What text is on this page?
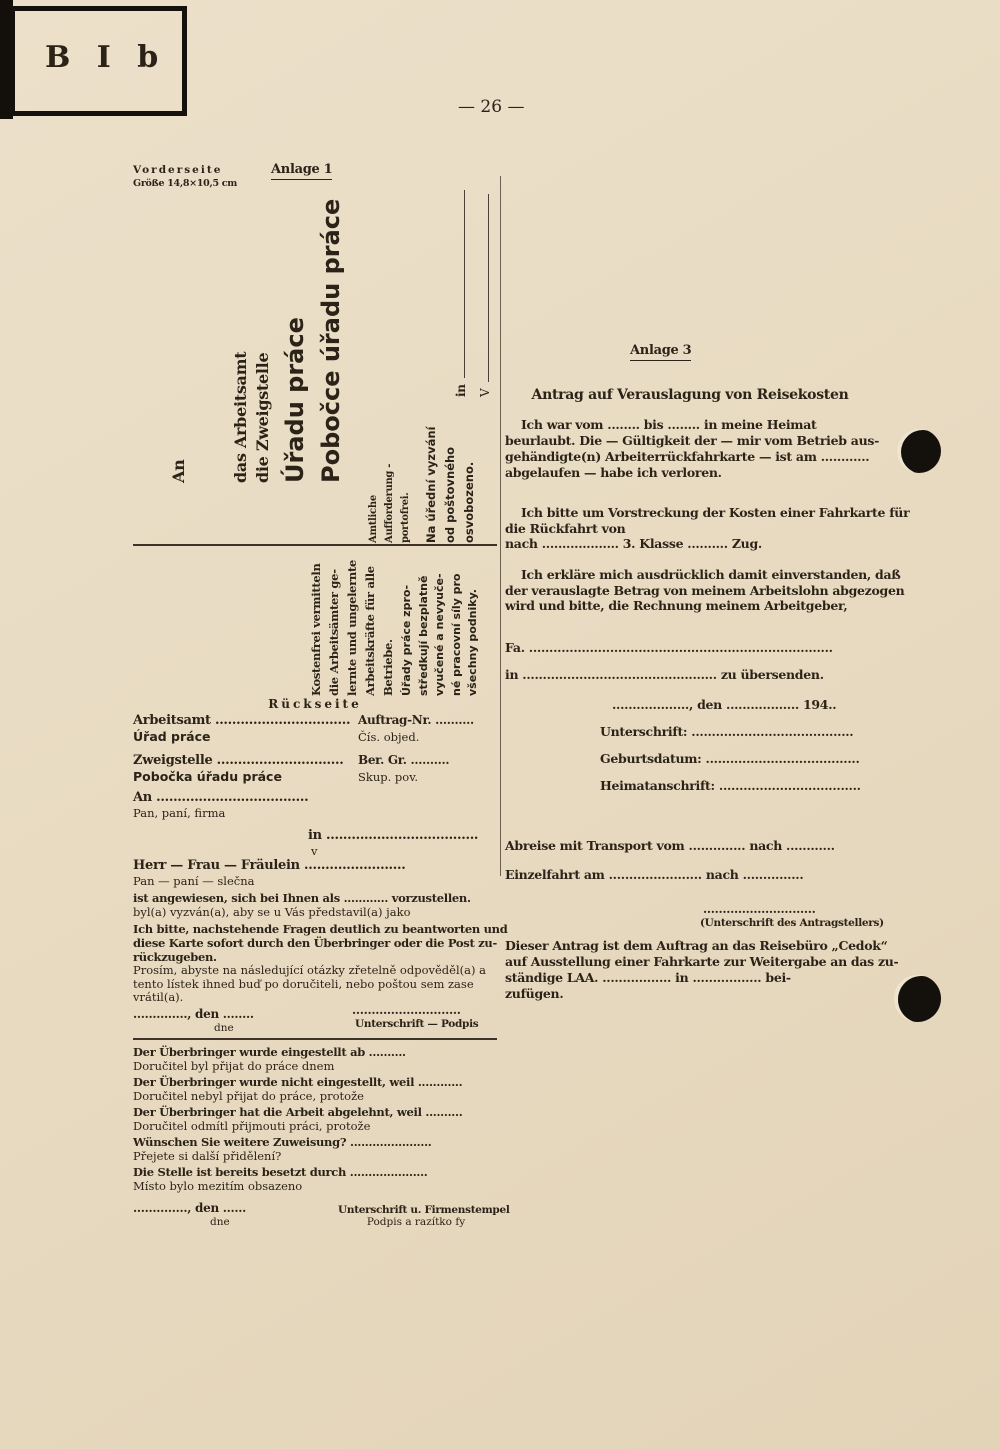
B I b
— 26 —
Vorderseite
Größe 14,8×10,5 cm
Anlage 1
An	das Arbeitsamt die Zweigstelle Úřadu práce Pobočce úřadu práce
Amtliche Aufforderung - portofrei. Na úřední vyzvání od poštovného osvobozeno.
in V
Kostenfrei vermitteln die Arbeitsämter ge- lernte und ungelernte Arbeitskräfte für alle Betriebe. Úřady práce zpro- středkují bezplatně vyučené a nevyuče- né pracovní síly pro všechny podniky.
Rückseite
Arbeitsamt ................................ Auftrag-Nr. ..........
Úřad práce	Čís. objed.
Zweigstelle .............................. Ber. Gr. ..........
Pobočka úřadu práce	Skup. pov.
An ....................................
Pan, paní, firma
in ....................................
v
Herr — Frau — Fräulein ........................
Pan — paní — slečna
ist angewiesen, sich bei Ihnen als ............ vorzustellen.
byl(a) vyzván(a), aby se u Vás představil(a) jako
Ich bitte, nachstehende Fragen deutlich zu beantworten und
diese Karte sofort durch den Überbringer oder die Post zu-
rückzugeben.
Prosím, abyste na následující otázky zřetelně odpověděl(a) a
tento lístek ihned buď po doručiteli, nebo poštou sem zase
vrátil(a).
.............., den ........
dne
............................
Unterschrift — Podpis
Der Überbringer wurde eingestellt ab ..........
Doručitel byl přijat do práce dnem
Der Überbringer wurde nicht eingestellt, weil ............
Doručitel nebyl přijat do práce, protože
Der Überbringer hat die Arbeit abgelehnt, weil ..........
Doručitel odmítl přijmouti práci, protože
Wünschen Sie weitere Zuweisung? ......................
Přejete si další přidělení?
Die Stelle ist bereits besetzt durch .....................
Místo bylo mezitím obsazeno
.............., den ......
dne
Unterschrift u. Firmenstempel
Podpis a razítko fy
Anlage 3
Antrag auf Verauslagung von Reisekosten
Ich war vom ........ bis ........ in meine Heimat
beurlaubt. Die — Gültigkeit der — mir vom Betrieb aus-
gehändigte(n) Arbeiterrückfahrkarte — ist am ............
abgelaufen — habe ich verloren.
Ich bitte um Vorstreckung der Kosten einer Fahrkarte für
die Rückfahrt von
nach ................... 3. Klasse .......... Zug.
Ich erkläre mich ausdrücklich damit einverstanden, daß
der verauslagte Betrag von meinem Arbeitslohn abgezogen
wird und bitte, die Rechnung meinem Arbeitgeber,
Fa. ...........................................................................
in ................................................ zu übersenden.
..................., den .................. 194..
Unterschrift: ........................................
Geburtsdatum: ......................................
Heimatanschrift: ...................................
Abreise mit Transport vom .............. nach ............
Einzelfahrt am ....................... nach ...............
.............................
(Unterschrift des Antragstellers)
Dieser Antrag ist dem Auftrag an das Reisebüro „Cedok“
auf Ausstellung einer Fahrkarte zur Weitergabe an das zu-
ständige LAA. ................. in ................. bei-
zufügen.
